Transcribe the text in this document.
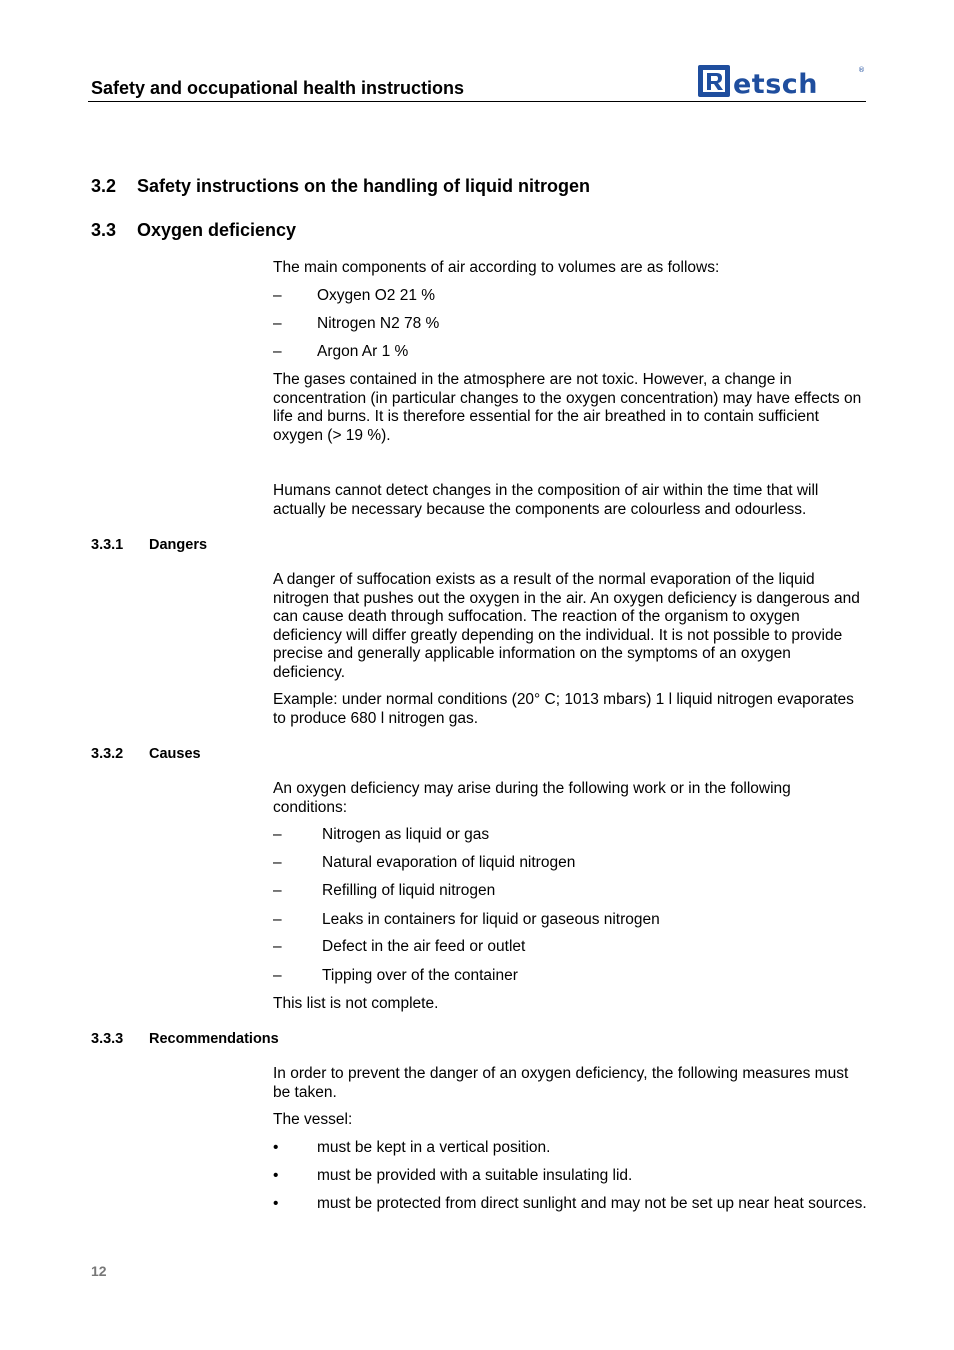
Safety and occupational health instructions	etsch	®
3.2 Safety instructions on the handling of liquid nitrogen
3.3 Oxygen deficiency
The main components of air according to volumes are as follows:
– Oxygen O2 21 %
– Nitrogen N2 78 %
– Argon Ar 1 %
The gases contained in the atmosphere are not toxic. However, a change in concentration (in particular changes to the oxygen concentration) may have effects on life and burns. It is therefore essential for the air breathed in to contain sufficient oxygen (> 19 %).
Humans cannot detect changes in the composition of air within the time that will actually be necessary because the components are colourless and odourless.
3.3.1 Dangers
A danger of suffocation exists as a result of the normal evaporation of the liquid nitrogen that pushes out the oxygen in the air. An oxygen deficiency is dangerous and can cause death through suffocation. The reaction of the organism to oxygen deficiency will differ greatly depending on the individual. It is not possible to provide precise and generally applicable information on the symptoms of an oxygen deficiency.
Example: under normal conditions (20° C; 1013 mbars) 1 l liquid nitrogen evaporates to produce 680 l nitrogen gas.
3.3.2 Causes
An oxygen deficiency may arise during the following work or in the following conditions:
–	Nitrogen as liquid or gas
–	Natural evaporation of liquid nitrogen
–	Refilling of liquid nitrogen
–	Leaks in containers for liquid or gaseous nitrogen
–	Defect in the air feed or outlet
–	Tipping over of the container
This list is not complete.
3.3.3 Recommendations
In order to prevent the danger of an oxygen deficiency, the following measures must be taken.
The vessel:
• must be kept in a vertical position.
• must be provided with a suitable insulating lid.
• must be protected from direct sunlight and may not be set up near heat sources.
12
